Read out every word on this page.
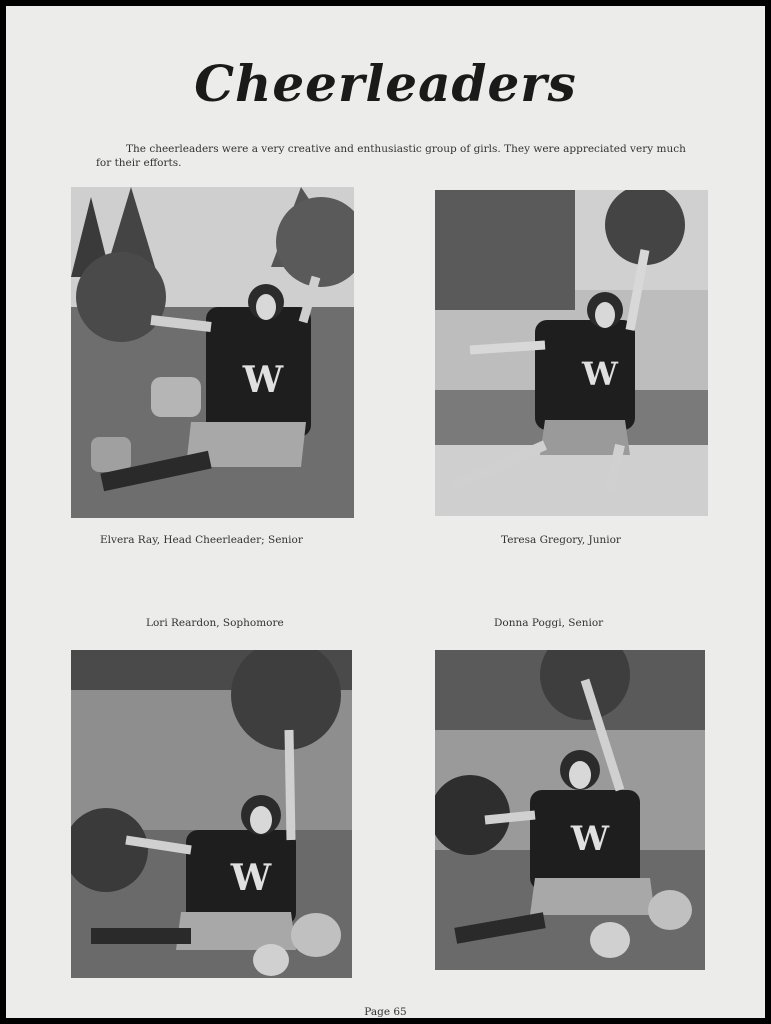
Cheerleaders
The cheerleaders were a very creative and enthusiastic group of girls. They were appreciated very much for their efforts.
W
Elvera Ray, Head Cheerleader; Senior
W
Teresa Gregory, Junior
Lori Reardon, Sophomore	Donna Poggi, Senior
W
W
Page 65
